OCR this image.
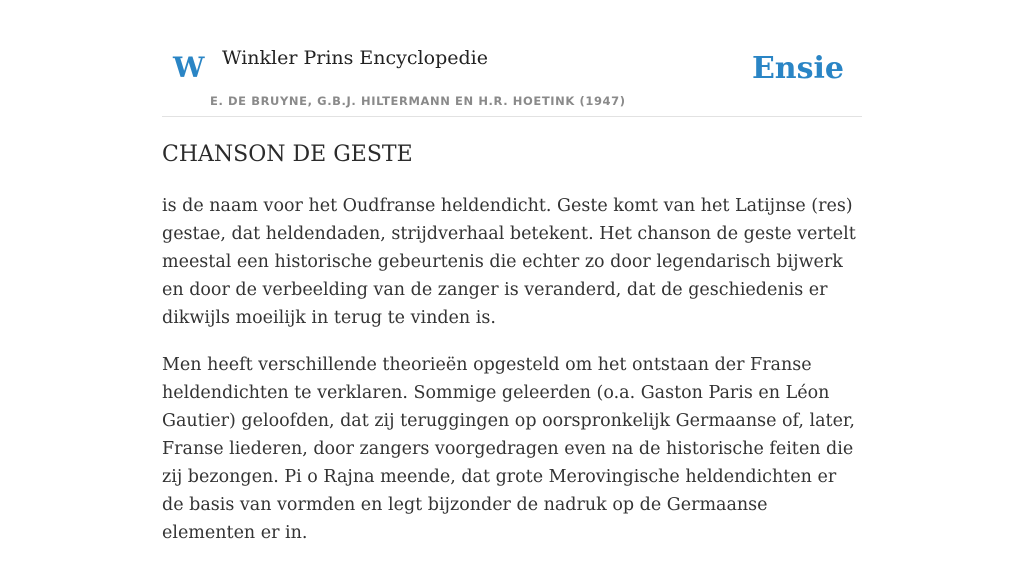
W Winkler Prins Encyclopedie
E. DE BRUYNE, G.B.J. HILTERMANN EN H.R. HOETINK (1947)
Ensie
CHANSON DE GESTE

is de naam voor het Oudfranse heldendicht. Geste komt van het Latijnse (res) gestae, dat heldendaden, strijdverhaal betekent. Het chanson de geste vertelt meestal een historische gebeurtenis die echter zo door legendarisch bijwerk en door de verbeelding van de zanger is veranderd, dat de geschiedenis er dikwijls moeilijk in terug te vinden is.

Men heeft verschillende theorieën opgesteld om het ontstaan der Franse heldendichten te verklaren. Sommige geleerden (o.a. Gaston Paris en Léon Gautier) geloofden, dat zij teruggingen op oorspronkelijk Germaanse of, later, Franse liederen, door zangers voorgedragen even na de historische feiten die zij bezongen. Pi o Rajna meende, dat grote Merovingische heldendichten er de basis van vormden en legt bijzonder de nadruk op de Germaanse elementen er in.
